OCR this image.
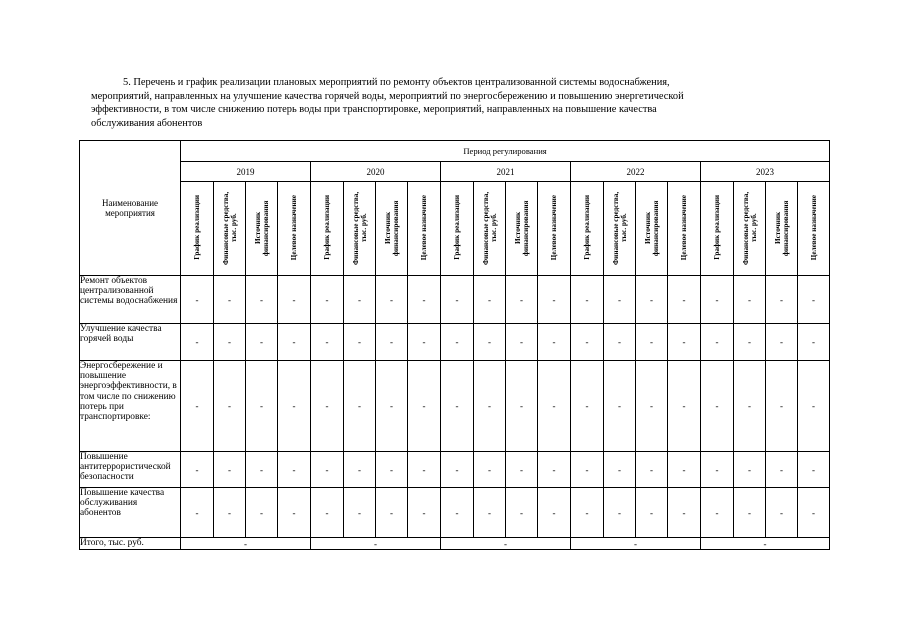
5. Перечень и график реализации плановых мероприятий по ремонту объектов централизованной системы водоснабжения,
мероприятий, направленных на улучшение качества горячей воды, мероприятий по энергосбережению и повышению энергетической
эффективности, в том числе снижению потерь воды при транспортировке, мероприятий, направленных на повышение качества
обслуживания абонентов
Наименование мероприятия	Период регулирования																			
	2019				2020				2021				2022				2023			
	График реализации	Финансовые средства, тыс. руб.	Источник финансирования	Целевое назначение	График реализации	Финансовые средства, тыс. руб.	Источник финансирования	Целевое назначение	График реализации	Финансовые средства, тыс. руб.	Источник финансирования	Целевое назначение	График реализации	Финансовые средства, тыс. руб.	Источник финансирования	Целевое назначение	График реализации	Финансовые средства, тыс. руб.	Источник финансирования	Целевое назначение
Ремонт объектов централизованной системы водоснабжения	-	-	-	-	-	-	-	-	-	-	-	-	-	-	-	-	-	-	-	-
Улучшение качества горячей воды	-	-	-	-	-	-	-	-	-	-	-	-	-	-	-	-	-	-	-	-
Энергосбережение и повышение энергоэффективности, в том числе по снижению потерь при транспортировке:	-	-	-	-	-	-	-	-	-	-	-	-	-	-	-	-	-	-	-	-
Повышение антитеррористической безопасности	-	-	-	-	-	-	-	-	-	-	-	-	-	-	-	-	-	-	-	-
Повышение качества обслуживания абонентов	-	-	-	-	-	-	-	-	-	-	-	-	-	-	-	-	-	-	-	-
Итого, тыс. руб.	-				-				-				-				-			
